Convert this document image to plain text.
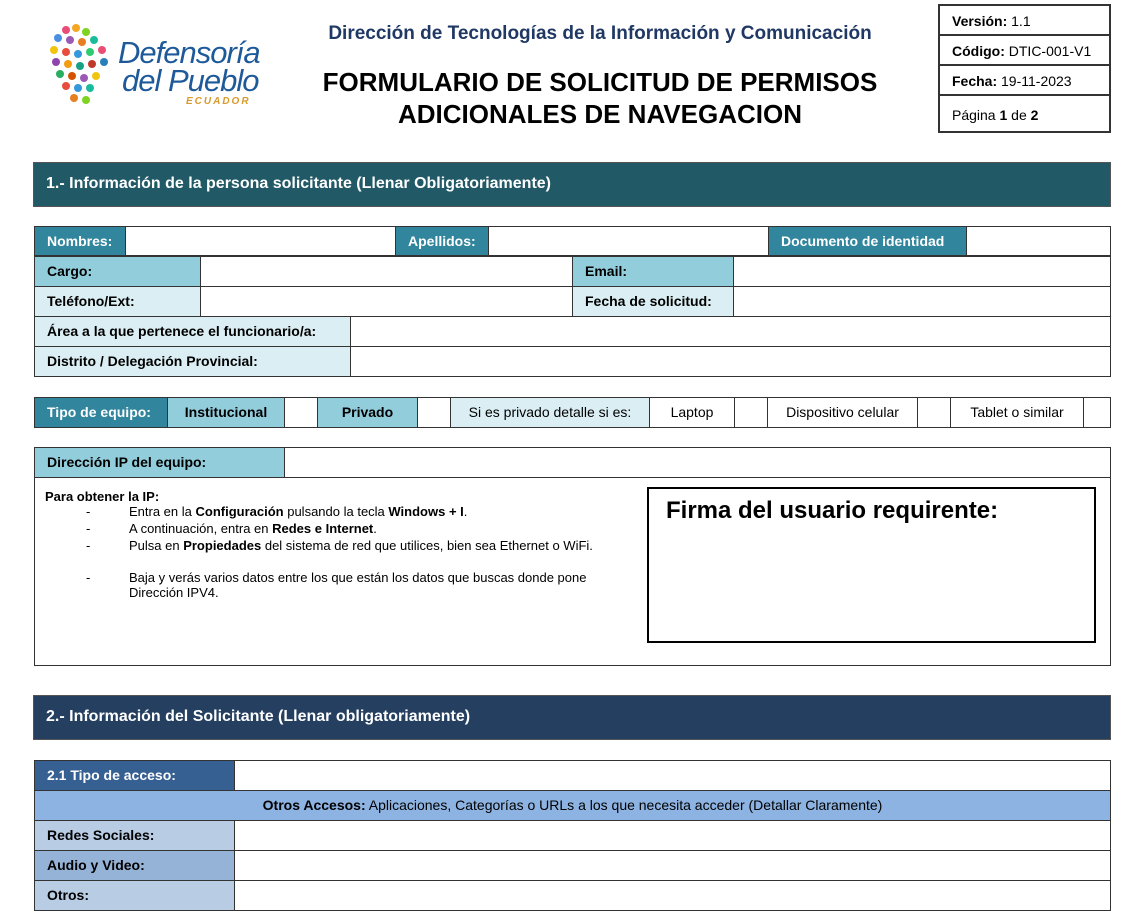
Defensoría
del Pueblo
ECUADOR
Dirección de Tecnologías de la Información y Comunicación
FORMULARIO DE SOLICITUD DE PERMISOS
ADICIONALES DE NAVEGACION
Versión: 1.1
Código: DTIC-001-V1
Fecha: 19-11-2023
Página 1 de 2
1.- Información de la persona solicitante (Llenar Obligatoriamente)
Nombres:	Apellidos:	Documento de identidad
Cargo:	Email:
Teléfono/Ext:	Fecha de solicitud:
Área a la que pertenece el funcionario/a:
Distrito / Delegación Provincial:
Tipo de equipo:	Institucional	Privado	Si es privado detalle si es:	Laptop	Dispositivo celular	Tablet o similar
Dirección IP del equipo:
Para obtener la IP:
-	Entra en la Configuración pulsando la tecla Windows + I.
-	A continuación, entra en Redes e Internet.
-	Pulsa en Propiedades del sistema de red que utilices, bien sea Ethernet o WiFi.
-	Baja y verás varios datos entre los que están los datos que buscas donde pone Dirección IPV4.
Firma del usuario requirente:
2.- Información del Solicitante (Llenar obligatoriamente)
2.1 Tipo de acceso:
Otros Accesos: Aplicaciones, Categorías o URLs a los que necesita acceder (Detallar Claramente)
Redes Sociales:
Audio y Video:
Otros:
